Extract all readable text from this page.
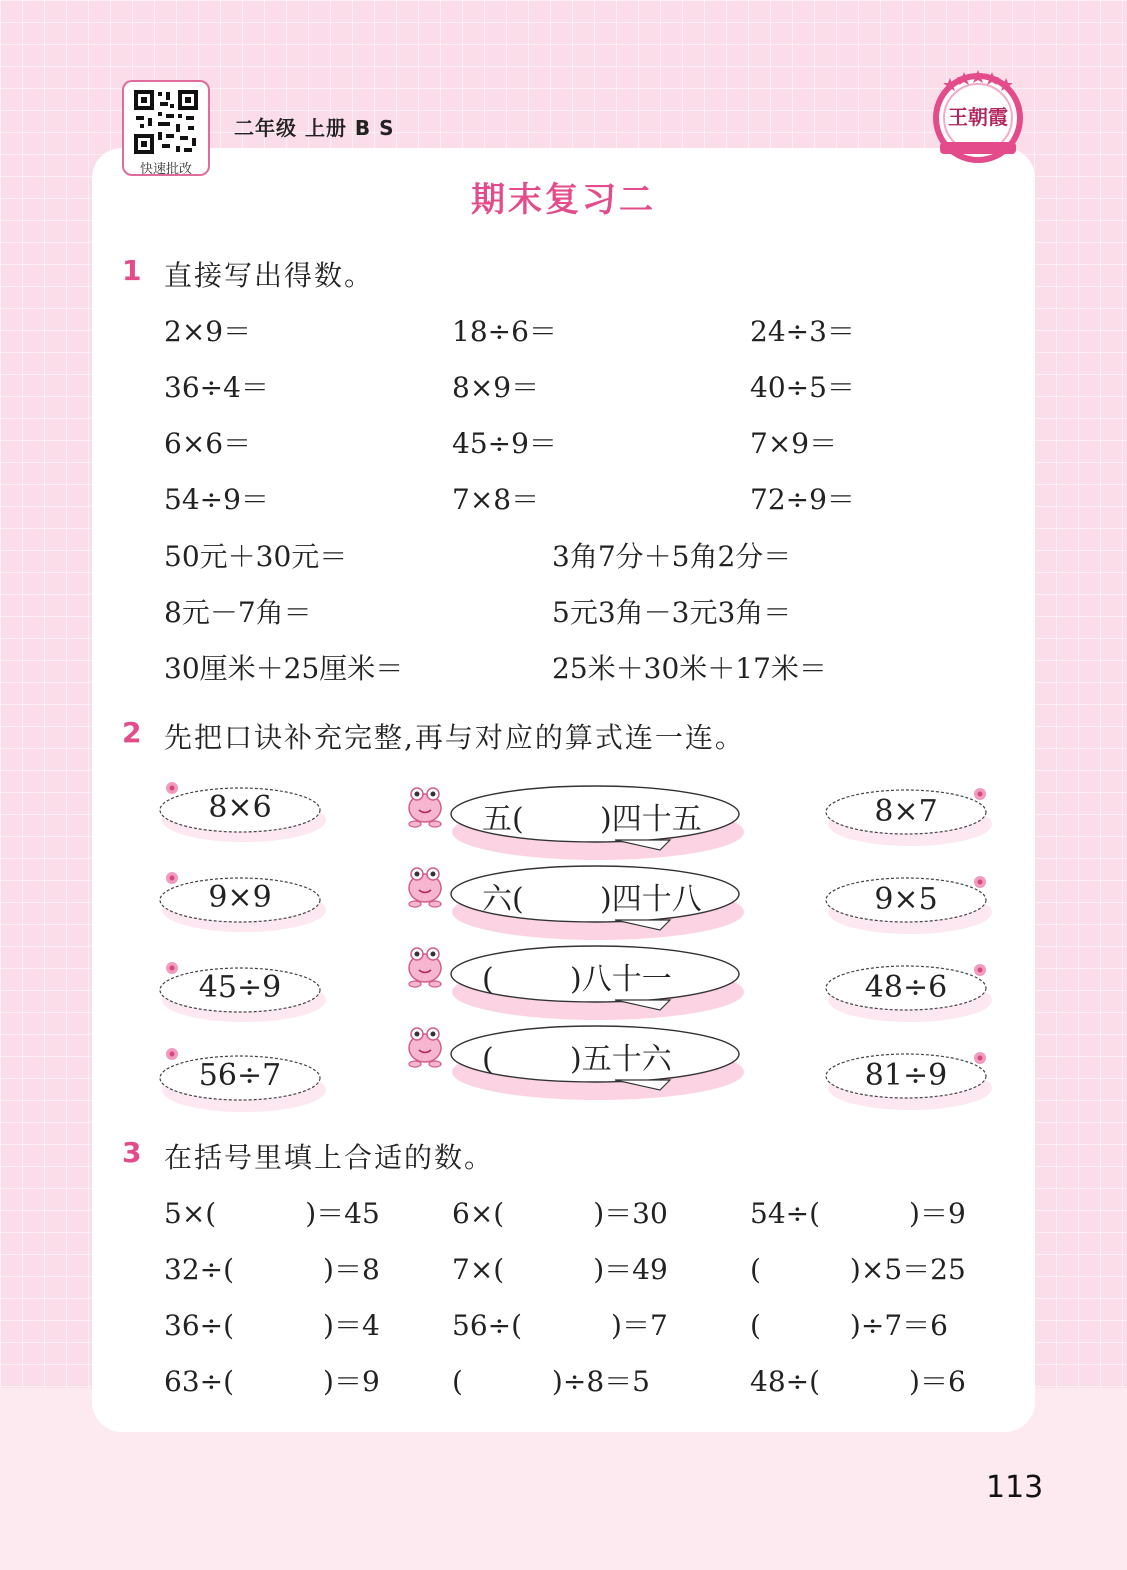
快速批改
二年级 上册 B S	王朝霞
期末复习二
1 直接写出得数。
2×9＝	18÷6＝	24÷3＝
36÷4＝	8×9＝	40÷5＝
6×6＝	45÷9＝	7×9＝
54÷9＝	7×8＝	72÷9＝
50元＋30元＝	3角7分＋5角2分＝
8元－7角＝	5元3角－3元3角＝
30厘米＋25厘米＝	25米＋30米＋17米＝
2 先把口诀补充完整,再与对应的算式连一连。
8×6
9×9
45÷9
56÷7
五(        )四十五
六(        )四十八
(        )八十一
(        )五十六
8×7
9×5
48÷6
81÷9
3 在括号里填上合适的数。
5×(          )＝45	6×(          )＝30	54÷(          )＝9
32÷(          )＝8	7×(          )＝49	(          )×5＝25
36÷(          )＝4	56÷(          )＝7	(          )÷7＝6
63÷(          )＝9	(          )÷8＝5	48÷(          )＝6
113
